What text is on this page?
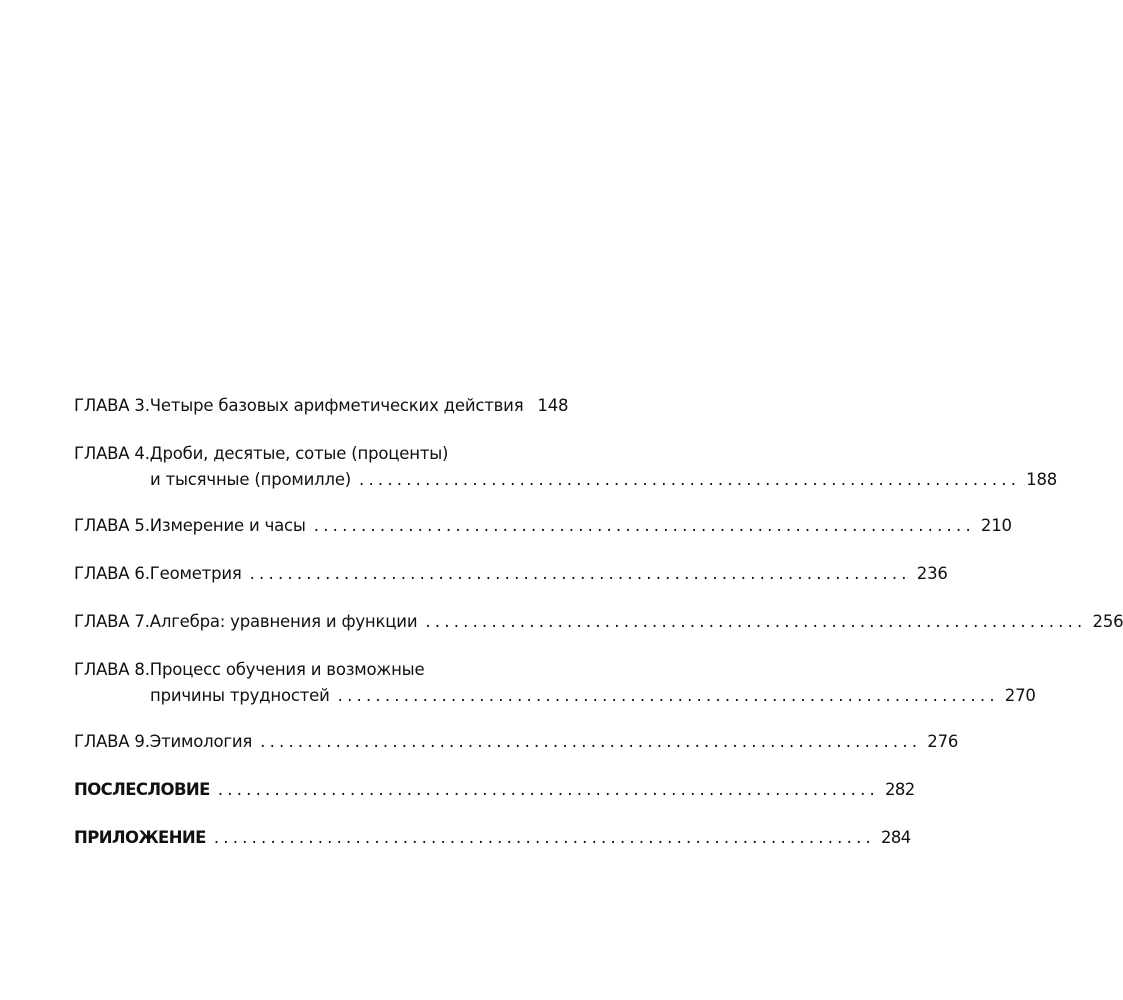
ГЛАВА 3. Четыре базовых арифметических действия 148
ГЛАВА 4. Дроби, десятые, сотые (проценты)
и тысячные (промилле) ...................................................................... 188
ГЛАВА 5. Измерение и часы ...................................................................... 210
ГЛАВА 6. Геометрия ...................................................................... 236
ГЛАВА 7. Алгебра: уравнения и функции ...................................................................... 256
ГЛАВА 8. Процесс обучения и возможные
причины трудностей ...................................................................... 270
ГЛАВА 9. Этимология ...................................................................... 276
ПОСЛЕСЛОВИЕ ...................................................................... 282
ПРИЛОЖЕНИЕ ...................................................................... 284
